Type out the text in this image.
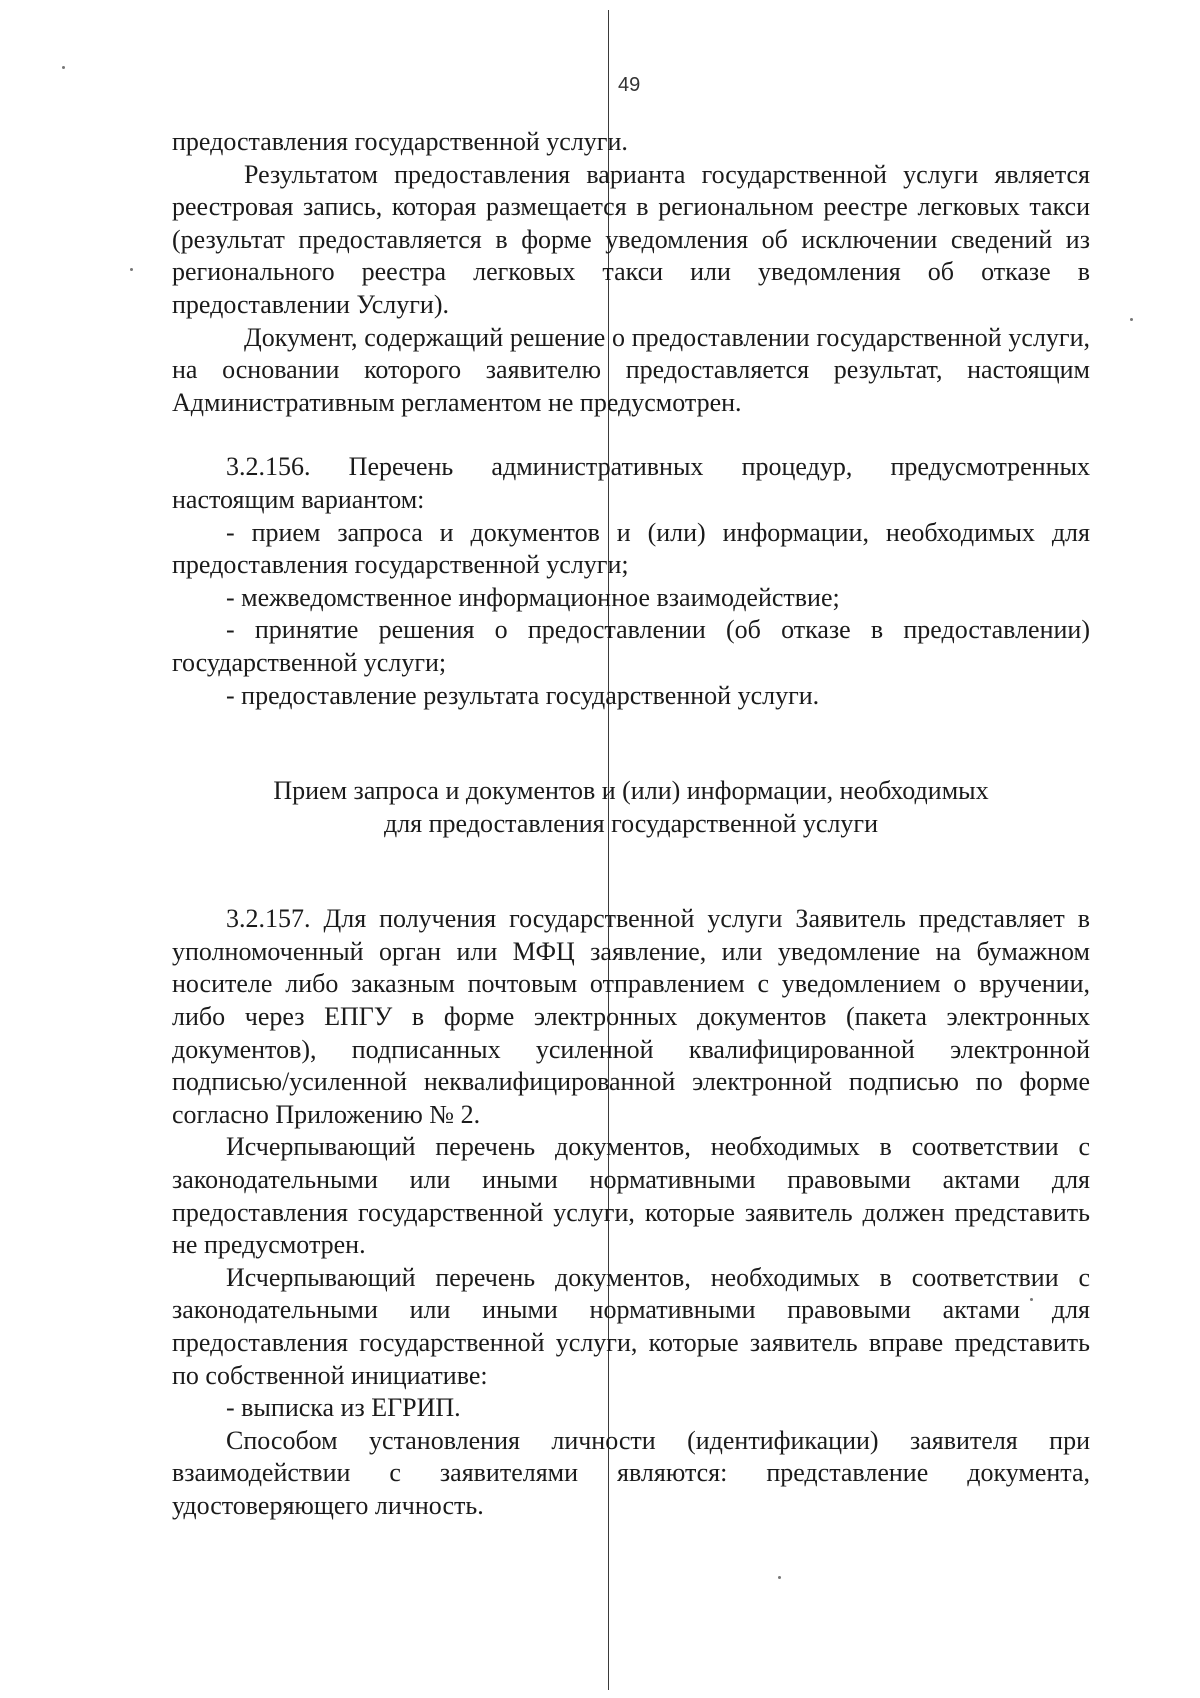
49

предоставления государственной услуги.

Результатом предоставления варианта государственной услуги является реестровая запись, которая размещается в региональном реестре легковых такси (результат предоставляется в форме уведомления об исключении сведений из регионального реестра легковых такси или уведомления об отказе в предоставлении Услуги).

Документ, содержащий решение о предоставлении государственной услуги, на основании которого заявителю предоставляется результат, настоящим Административным регламентом не предусмотрен.

3.2.156. Перечень административных процедур, предусмотренных настоящим вариантом:

- прием запроса и документов и (или) информации, необходимых для предоставления государственной услуги;

- межведомственное информационное взаимодействие;

- принятие решения о предоставлении (об отказе в предоставлении) государственной услуги;

- предоставление результата государственной услуги.

Прием запроса и документов и (или) информации, необходимых
для предоставления государственной услуги

3.2.157. Для получения государственной услуги Заявитель представляет в уполномоченный орган или МФЦ заявление, или уведомление на бумажном носителе либо заказным почтовым отправлением с уведомлением о вручении, либо через ЕПГУ в форме электронных документов (пакета электронных документов), подписанных усиленной квалифицированной электронной подписью/усиленной неквалифицированной электронной подписью по форме согласно Приложению № 2.

Исчерпывающий перечень документов, необходимых в соответствии с законодательными или иными нормативными правовыми актами для предоставления государственной услуги, которые заявитель должен представить не предусмотрен.

Исчерпывающий перечень документов, необходимых в соответствии с законодательными или иными нормативными правовыми актами для предоставления государственной услуги, которые заявитель вправе представить по собственной инициативе:

- выписка из ЕГРИП.

Способом установления личности (идентификации) заявителя при взаимодействии с заявителями являются: представление документа, удостоверяющего личность.
